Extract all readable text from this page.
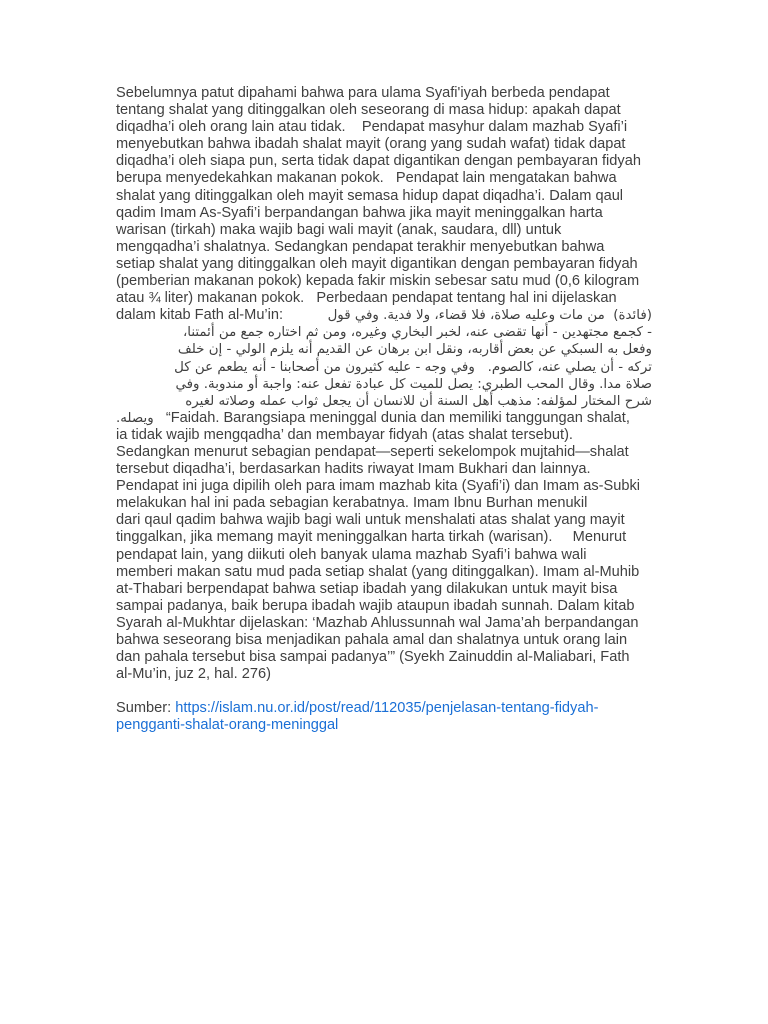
Sebelumnya patut dipahami bahwa para ulama Syafi'iyah berbeda pendapat
tentang shalat yang ditinggalkan oleh seseorang di masa hidup: apakah dapat
diqadha’i oleh orang lain atau tidak.    Pendapat masyhur dalam mazhab Syafi’i
menyebutkan bahwa ibadah shalat mayit (orang yang sudah wafat) tidak dapat
diqadha’i oleh siapa pun, serta tidak dapat digantikan dengan pembayaran fidyah
berupa menyedekahkan makanan pokok.   Pendapat lain mengatakan bahwa
shalat yang ditinggalkan oleh mayit semasa hidup dapat diqadha’i. Dalam qaul
qadim Imam As-Syafi’i berpandangan bahwa jika mayit meninggalkan harta
warisan (tirkah) maka wajib bagi wali mayit (anak, saudara, dll) untuk
mengqadha’i shalatnya. Sedangkan pendapat terakhir menyebutkan bahwa
setiap shalat yang ditinggalkan oleh mayit digantikan dengan pembayaran fidyah
(pemberian makanan pokok) kepada fakir miskin sebesar satu mud (0,6 kilogram
atau ¾ liter) makanan pokok.   Perbedaan pendapat tentang hal ini dijelaskan
dalam kitab Fath al-Mu’in:	(فائدة)  من مات وعليه صلاة، فلا قضاء، ولا فدية. وفي قول
- كجمع مجتهدين - أنها تقضى عنه، لخبر البخاري وغيره، ومن ثم اختاره جمع من أئمتنا،
وفعل به السبكي عن بعض أقاربه، ونقل ابن برهان عن القديم أنه يلزم الولي - إن خلف
تركه - أن يصلي عنه، كالصوم.   وفي وجه - عليه كثيرون من أصحابنا - أنه يطعم عن كل
صلاة مدا. وقال المحب الطبري: يصل للميت كل عبادة تفعل عنه: واجبة أو مندوبة. وفي
شرح المختار لمؤلفه: مذهب أهل السنة أن للانسان أن يجعل ثواب عمله وصلاته لغيره
ويصله. “Faidah. Barangsiapa meninggal dunia dan memiliki tanggungan shalat,
ia tidak wajib mengqadha’ dan membayar fidyah (atas shalat tersebut).
Sedangkan menurut sebagian pendapat—seperti sekelompok mujtahid—shalat
tersebut diqadha’i, berdasarkan hadits riwayat Imam Bukhari dan lainnya.
Pendapat ini juga dipilih oleh para imam mazhab kita (Syafi’i) dan Imam as-Subki
melakukan hal ini pada sebagian kerabatnya. Imam Ibnu Burhan menukil
dari qaul qadim bahwa wajib bagi wali untuk menshalati atas shalat yang mayit
tinggalkan, jika memang mayit meninggalkan harta tirkah (warisan).     Menurut
pendapat lain, yang diikuti oleh banyak ulama mazhab Syafi’i bahwa wali
memberi makan satu mud pada setiap shalat (yang ditinggalkan). Imam al-Muhib
at-Thabari berpendapat bahwa setiap ibadah yang dilakukan untuk mayit bisa
sampai padanya, baik berupa ibadah wajib ataupun ibadah sunnah. Dalam kitab
Syarah al-Mukhtar dijelaskan: ‘Mazhab Ahlussunnah wal Jama’ah berpandangan
bahwa seseorang bisa menjadikan pahala amal dan shalatnya untuk orang lain
dan pahala tersebut bisa sampai padanya’” (Syekh Zainuddin al-Maliabari, Fath
al-Mu’in, juz 2, hal. 276)
Sumber: https://islam.nu.or.id/post/read/112035/penjelasan-tentang-fidyah-
pengganti-shalat-orang-meninggal
